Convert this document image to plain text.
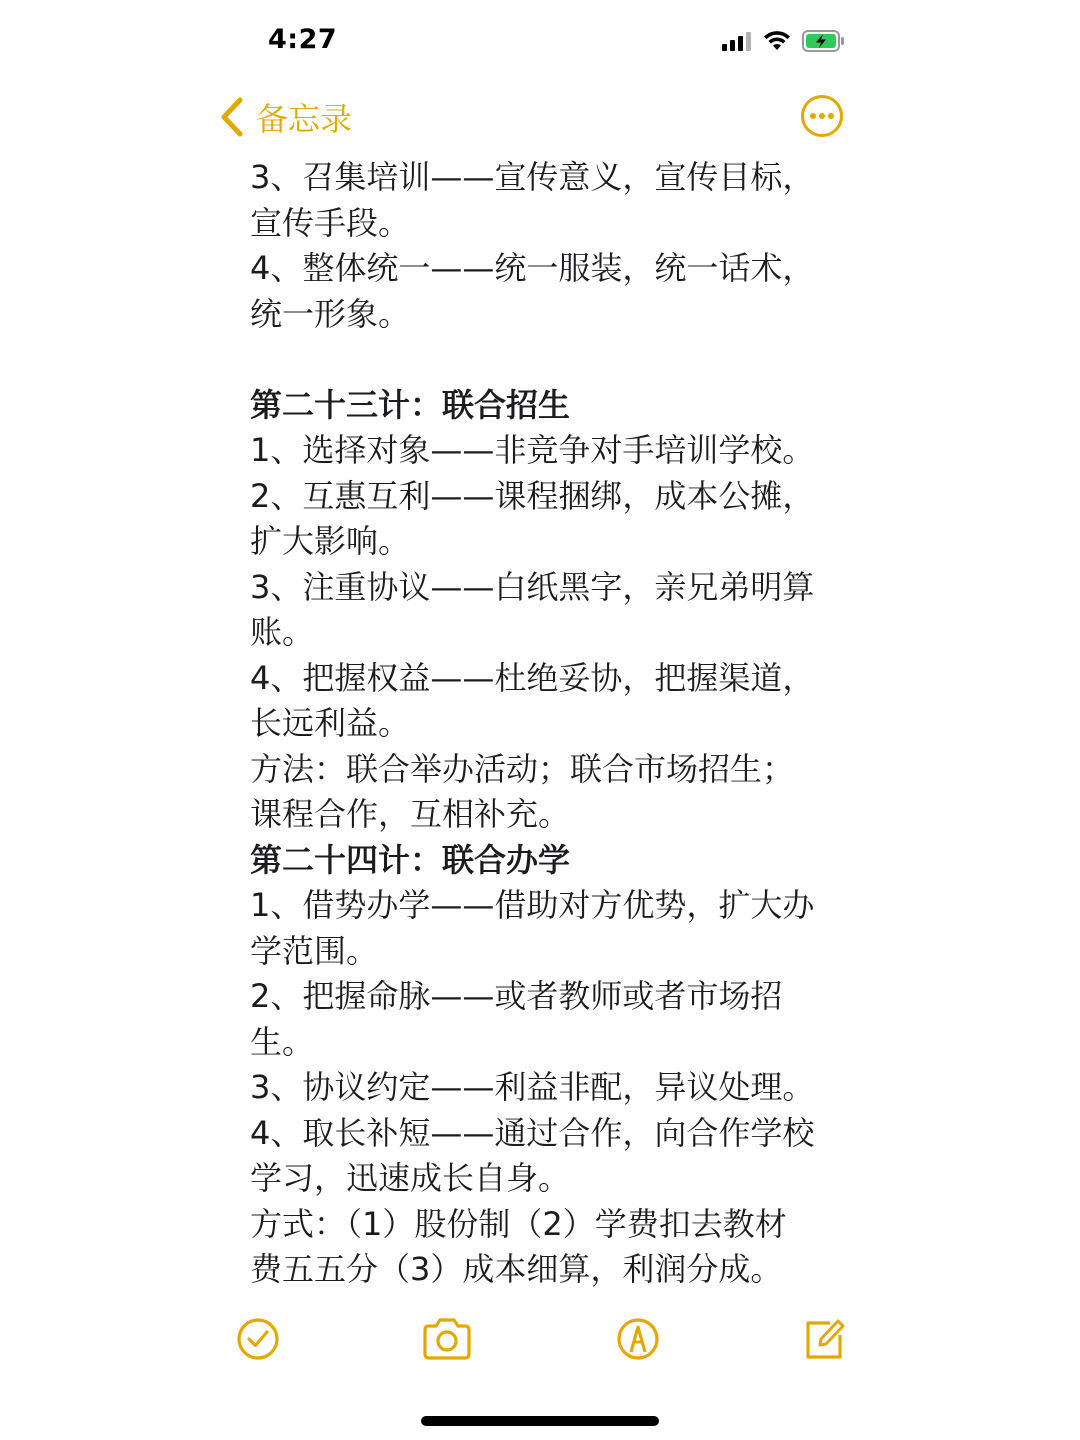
4:27

备忘录
3、召集培训——宣传意义，宣传目标，
宣传手段。
4、整体统一——统一服装，统一话术，
统一形象。
第二十三计：联合招生
1、选择对象——非竞争对手培训学校。
2、互惠互利——课程捆绑，成本公摊，
扩大影响。
3、注重协议——白纸黑字，亲兄弟明算
账。
4、把握权益——杜绝妥协，把握渠道，
长远利益。
方法：联合举办活动；联合市场招生；
课程合作，互相补充。
第二十四计：联合办学
1、借势办学——借助对方优势，扩大办
学范围。
2、把握命脉——或者教师或者市场招
生。
3、协议约定——利益非配，异议处理。
4、取长补短——通过合作，向合作学校
学习，迅速成长自身。
方式：（1）股份制（2）学费扣去教材
费五五分（3）成本细算，利润分成。
